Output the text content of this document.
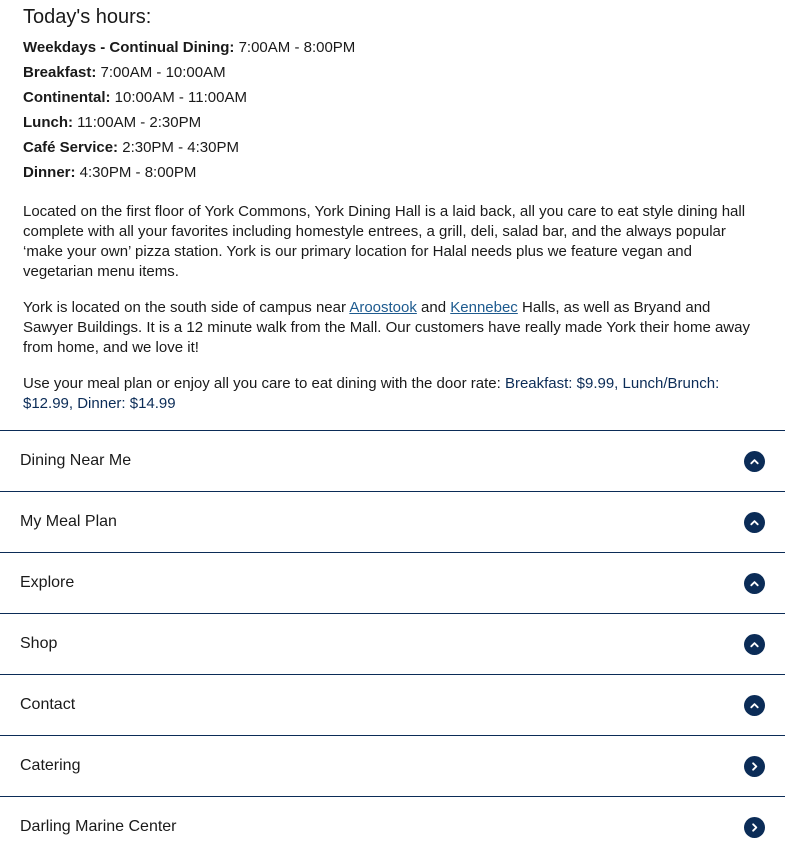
Today's hours:
Weekdays - Continual Dining: 7:00AM - 8:00PM
Breakfast: 7:00AM - 10:00AM
Continental: 10:00AM - 11:00AM
Lunch: 11:00AM - 2:30PM
Café Service: 2:30PM - 4:30PM
Dinner: 4:30PM - 8:00PM

Located on the first floor of York Commons, York Dining Hall is a laid back, all you care to eat style dining hall complete with all your favorites including homestyle entrees, a grill, deli, salad bar, and the always popular ‘make your own’ pizza station. York is our primary location for Halal needs plus we feature vegan and vegetarian menu items.

York is located on the south side of campus near Aroostook and Kennebec Halls, as well as Bryand and Sawyer Buildings. It is a 12 minute walk from the Mall. Our customers have really made York their home away from home, and we love it!

Use your meal plan or enjoy all you care to eat dining with the door rate: Breakfast: $9.99, Lunch/Brunch: $12.99, Dinner: $14.99

Dining Near Me
My Meal Plan
Explore
Shop
Contact
Catering
Darling Marine Center
